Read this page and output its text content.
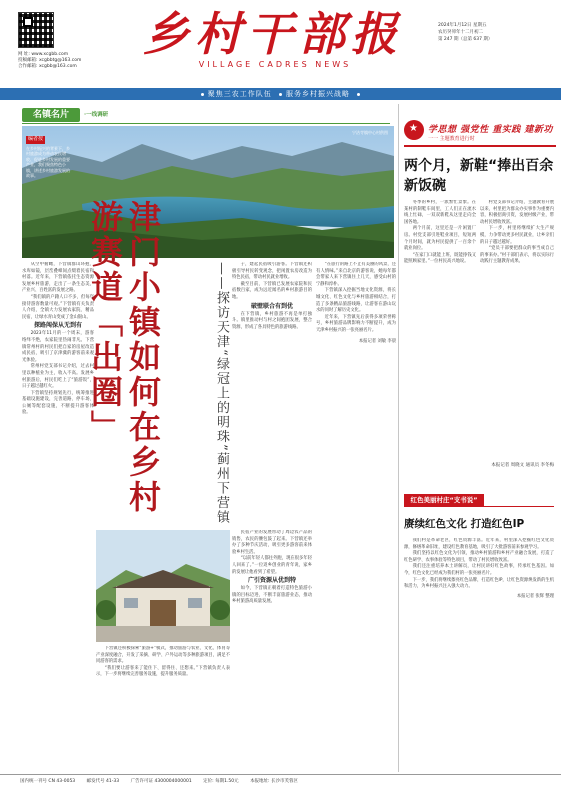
网 址: www.xcgbb.com
投稿邮箱: xcgbbtg@163.com
合作邮箱: xcgbb@163.com
乡村干部报
VILLAGE CADRES NEWS
2024年1月12日 星期五
农历癸卯年十二月初二
第 247 期（总第 637 期）
聚焦三农工作队伍 服务乡村振兴战略
名镇名片	·一线调研
宁洁寺镇中心村供图
编者按
在乡村振兴的背景下，乡村旅游成为带动农民增收、促进乡村发展的重要产业，我们聚焦特色小镇，讲述乡村旅游发展的故事。
津门小镇如何在乡村游赛道「出圈」	——探访天津“绿冠上的明珠”蓟州下营镇

从空中俯瞰，下营镇群山环抱、水库如镜，层峦叠嶂间点缀着民宿和村落。近年来，下营镇依托生态资源发展乡村旅游，走出了一条生态美、产业兴、百姓富的发展之路。

“我们镇的户籍人口不多，但每年接待游客数量可观。”下营镇有关负责人介绍，全镇大力发展农家院、精品民宿，让绿水青山变成了金山银山。

探路闯保从无到有

2023年11月的一个周末，游客络绎不绝，农家院里热闹非凡。下营镇常州村的村民们把自家的房屋改造成民宿，吸引了京津冀的游客前来观光体验。

常州村党支部书记介绍，过去村里以种植业为主，收入不高。发展乡村旅游后，村民们吃上了“旅游饭”，日子越过越红火。

下营镇坚持规划先行，统筹推进基础设施建设，完善道路、停车场、公厕等配套设施，不断提升游客体验。

子，建起民宿吸引游客。下营镇还积极引导村民转变观念，把闲置农房改造为特色民宿，带动村民就业增收。

截至目前，下营镇已发展农家院和民宿数百家，成为远近闻名的乡村旅游目的地。

破壁联合有到优

在下营镇，乡村旅游不再是单打独斗。镇里推动村与村之间抱团发展，整合资源，形成了各具特色的旅游线路。

民宿产业的发展带动了周边农产品的销售，农民的腰包鼓了起来。下营镇还举办了多种节庆活动，吸引更多游客前来体验乡村生活。

“以前年轻人都往外跑，现在很多年轻人回来了。”一位返乡创业的青年说，家乡的发展让他看到了希望。

广引资源从优到特

如今，下营镇正朝着打造特色旅游小镇的目标迈进，不断丰富旅游业态，推动乡村旅游高质量发展。

“在旅行的路上不止有美丽的风景，还有人情味。”来自北京的游客说，她每年都会带家人来下营镇住上几天，感受山村的宁静和淳朴。

下营镇深入挖掘当地文化资源，将长城文化、红色文化与乡村旅游相结合，打造了多条精品旅游线路，让游客在游山玩水的同时了解历史文化。

近年来，下营镇先后获得多项荣誉称号，乡村旅游品牌影响力不断提升，成为天津乡村振兴的一张亮丽名片。

本报记者 刘敏 李晨

下营镇还积极探索“旅游+”模式，推动旅游与农业、文化、体育等产业深度融合，开发了采摘、研学、户外运动等多种旅游项目，满足不同游客的需求。

“我们要让游客来了能住下、留得住、还想来。”下营镇负责人表示，下一步将继续完善服务设施，提升服务质量。

★ 学思想 强党性 重实践 建新功
一一 主题教育进行时
两个月，新鞋“捧出百余新饭碗

冬季的乡村，一派繁忙景象。在某村的制鞋车间里，工人们正在流水线上忙碌，一双双新鞋从这里走向全国各地。

两个月前，这里还是一片闲置厂房。村党支部引进鞋业项目，短短两个月时间，就为村民提供了一百余个就业岗位。

“在家门口就能上班，既能挣钱又能照顾家里。”一位村民高兴地说。

村党支部书记介绍，主题教育开展以来，村里把为群众办实事作为重要内容，积极招商引资，发展村级产业，带动村民增收致富。

下一步，村里将继续扩大生产规模，力争带动更多村民就业，让乡亲们的日子越过越好。

“党员干部要把群众的事当成自己的事来办。”村干部们表示，将以实际行动践行主题教育成果。

本报记者 周晓文 通讯员 李冬梅
红色美丽村庄“支书说”
赓续红色文化 打造红色IP

我们村是革命老区，红色资源丰富。近年来，村里深入挖掘红色文化资源，修缮革命旧址，建设红色教育基地，吸引了大批游客前来参观学习。

我们坚持以红色文化为引领，推动乡村旅游和乡村产业融合发展，打造了红色研学、农事体验等特色项目，带动了村民增收致富。

我们还注重培养本土讲解员，让村民讲好红色故事，传承红色基因。如今，红色文化已经成为我们村的一张亮丽名片。

下一步，我们将继续擦亮红色品牌，打造红色IP，让红色资源焕发新的生机和活力，为乡村振兴注入强大动力。

本报记者 张辉 整理
国内统一刊号 CN 43-0053	邮发代号 41-33	广告许可证 4300004000001	定价: 每期1.50元	本报地址: 长沙市芙蓉区
